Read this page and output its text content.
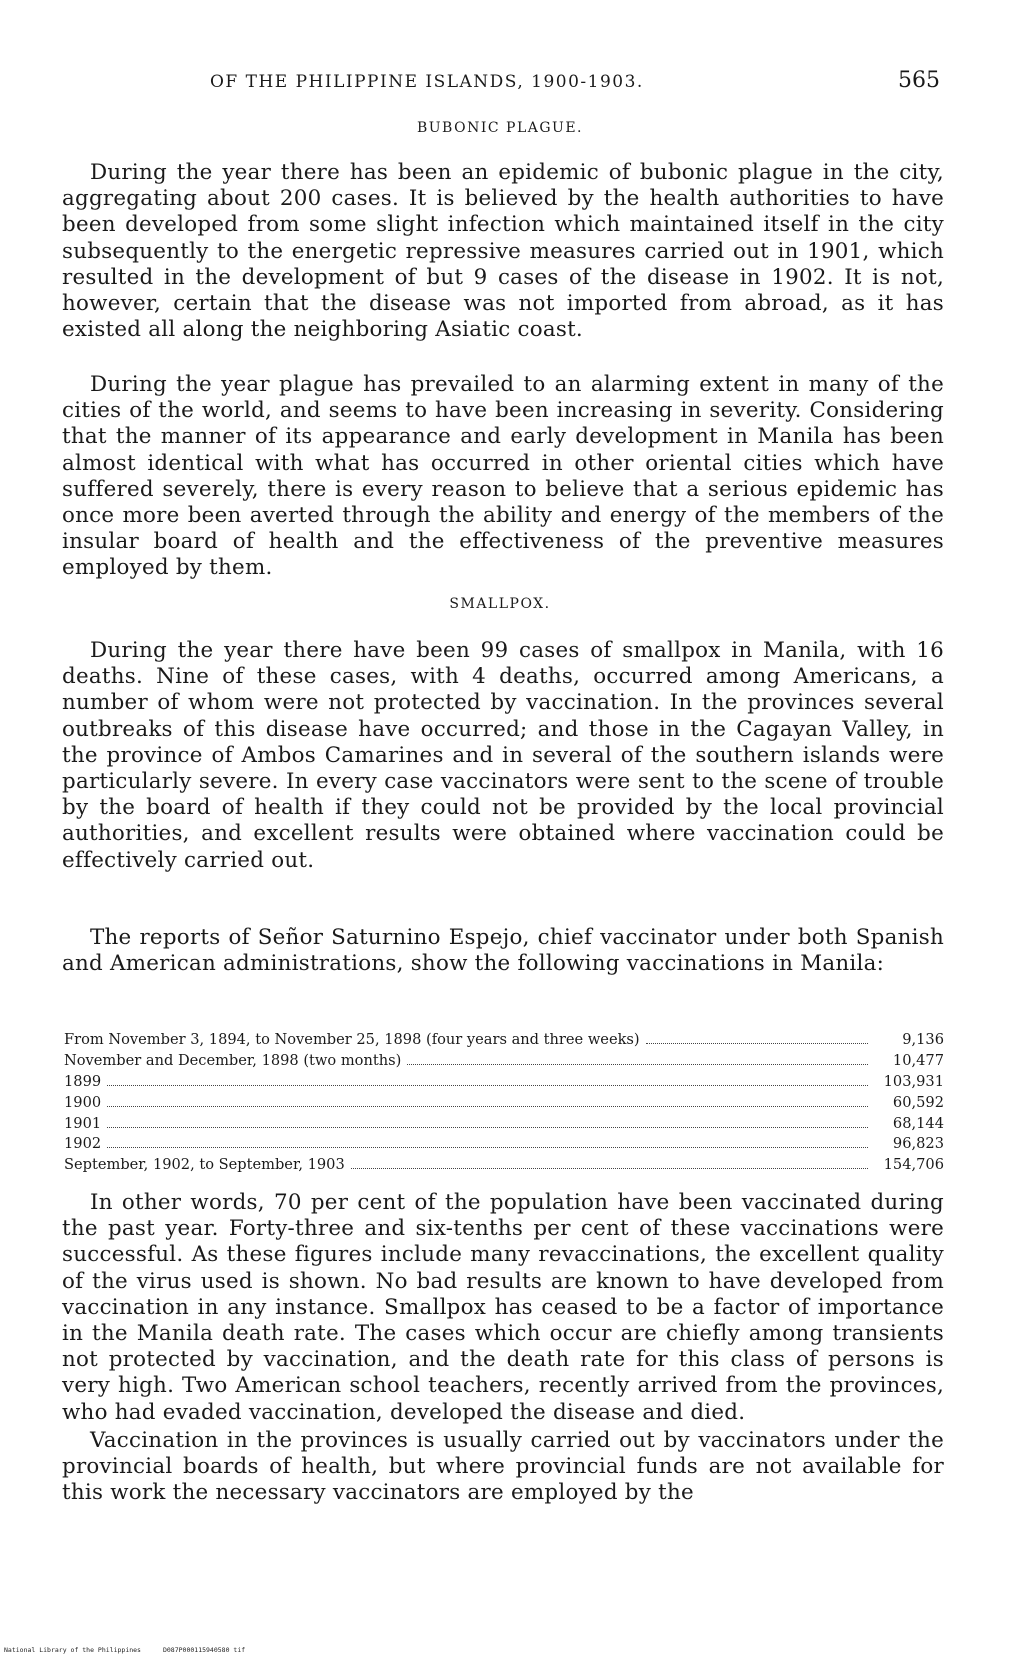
OF THE PHILIPPINE ISLANDS, 1900-1903.	565
BUBONIC PLAGUE.

During the year there has been an epidemic of bubonic plague in the city, aggregating about 200 cases. It is believed by the health authorities to have been developed from some slight infection which maintained itself in the city subsequently to the energetic repressive measures carried out in 1901, which resulted in the development of but 9 cases of the disease in 1902. It is not, however, certain that the disease was not imported from abroad, as it has existed all along the neighboring Asiatic coast.

During the year plague has prevailed to an alarming extent in many of the cities of the world, and seems to have been increasing in severity. Considering that the manner of its appearance and early development in Manila has been almost identical with what has occurred in other oriental cities which have suffered severely, there is every reason to believe that a serious epidemic has once more been averted through the ability and energy of the members of the insular board of health and the effectiveness of the preventive measures employed by them.

SMALLPOX.

During the year there have been 99 cases of smallpox in Manila, with 16 deaths. Nine of these cases, with 4 deaths, occurred among Americans, a number of whom were not protected by vaccination. In the provinces several outbreaks of this disease have occurred; and those in the Cagayan Valley, in the province of Ambos Camarines and in several of the southern islands were particularly severe. In every case vaccinators were sent to the scene of trouble by the board of health if they could not be provided by the local provincial authorities, and excellent results were obtained where vaccination could be effectively carried out.

The reports of Señor Saturnino Espejo, chief vaccinator under both Spanish and American administrations, show the following vaccinations in Manila:

From November 3, 1894, to November 25, 1898 (four years and three weeks)	9,136
November and December, 1898 (two months)	10,477
1899	103,931
1900	60,592
1901	68,144
1902	96,823
September, 1902, to September, 1903	154,706

In other words, 70 per cent of the population have been vaccinated during the past year. Forty-three and six-tenths per cent of these vaccinations were successful. As these figures include many revaccinations, the excellent quality of the virus used is shown. No bad results are known to have developed from vaccination in any instance. Smallpox has ceased to be a factor of importance in the Manila death rate. The cases which occur are chiefly among transients not protected by vaccination, and the death rate for this class of persons is very high. Two American school teachers, recently arrived from the provinces, who had evaded vaccination, developed the disease and died.

Vaccination in the provinces is usually carried out by vaccinators under the provincial boards of health, but where provincial funds are not available for this work the necessary vaccinators are employed by the

National Library of the Philippines	D087P000115940580 tif
